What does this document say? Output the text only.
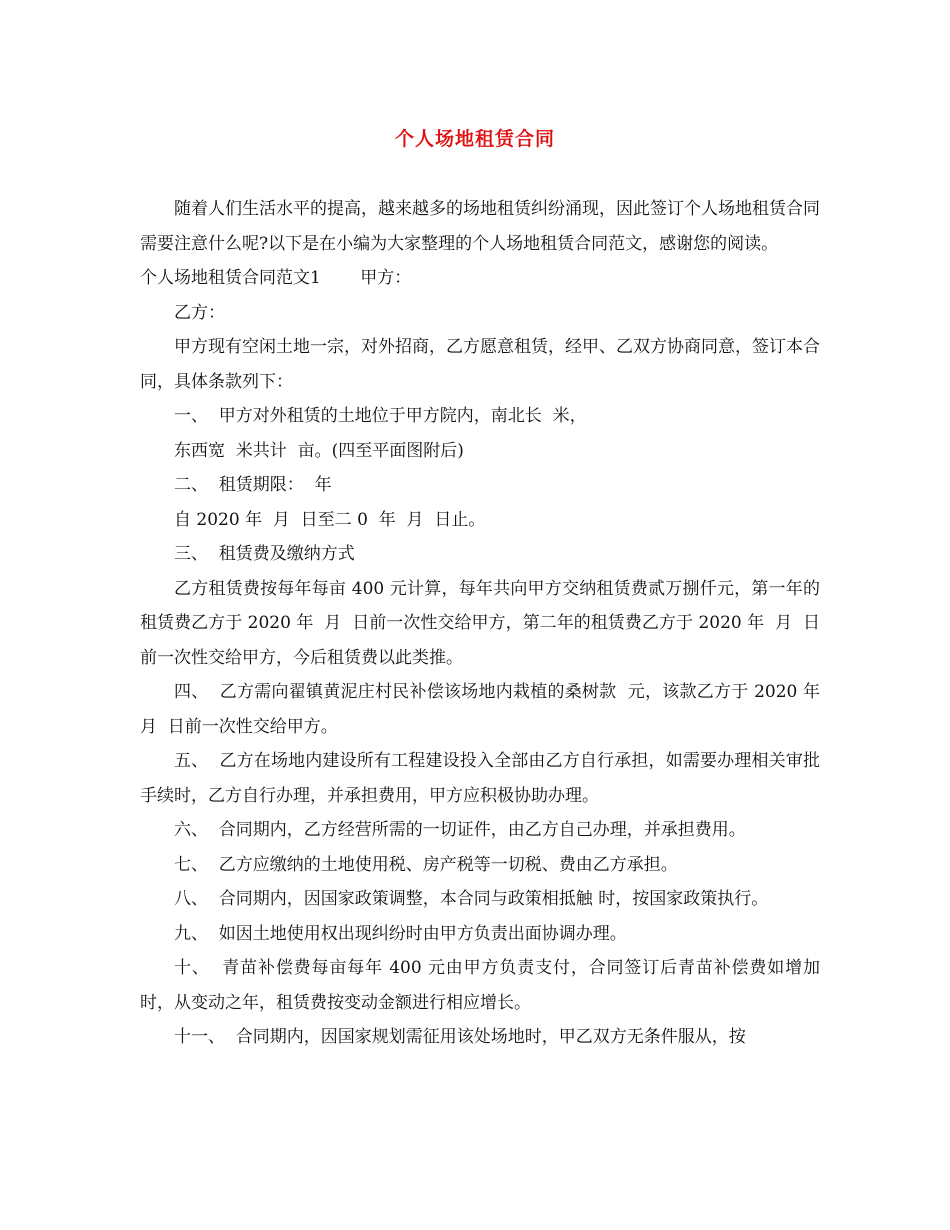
个人场地租赁合同

随着人们生活水平的提高，越来越多的场地租赁纠纷涌现，因此签订个人场地租赁合同需要注意什么呢?以下是在小编为大家整理的个人场地租赁合同范文，感谢您的阅读。

个人场地租赁合同范文1　　 甲方：

乙方：

甲方现有空闲土地一宗，对外招商，乙方愿意租赁，经甲、乙双方协商同意，签订本合同，具体条款列下：

一、  甲方对外租赁的土地位于甲方院内，南北长  米，

东西宽  米共计  亩。(四至平面图附后)

二、  租赁期限：  年

自 2020 年  月  日至二 0  年  月  日止。

三、  租赁费及缴纳方式

乙方租赁费按每年每亩 400 元计算，每年共向甲方交纳租赁费贰万捌仟元，第一年的租赁费乙方于 2020 年  月  日前一次性交给甲方，第二年的租赁费乙方于 2020 年  月  日前一次性交给甲方，今后租赁费以此类推。

四、  乙方需向翟镇黄泥庄村民补偿该场地内栽植的桑树款  元，该款乙方于 2020 年  月  日前一次性交给甲方。

五、  乙方在场地内建设所有工程建设投入全部由乙方自行承担，如需要办理相关审批手续时，乙方自行办理，并承担费用，甲方应积极协助办理。

六、  合同期内，乙方经营所需的一切证件，由乙方自己办理，并承担费用。

七、  乙方应缴纳的土地使用税、房产税等一切税、费由乙方承担。

八、  合同期内，因国家政策调整，本合同与政策相抵触 时，按国家政策执行。

九、  如因土地使用权出现纠纷时由甲方负责出面协调办理。

十、  青苗补偿费每亩每年 400 元由甲方负责支付，合同签订后青苗补偿费如增加时，从变动之年，租赁费按变动金额进行相应增长。

十一、  合同期内，因国家规划需征用该处场地时，甲乙双方无条件服从，按
